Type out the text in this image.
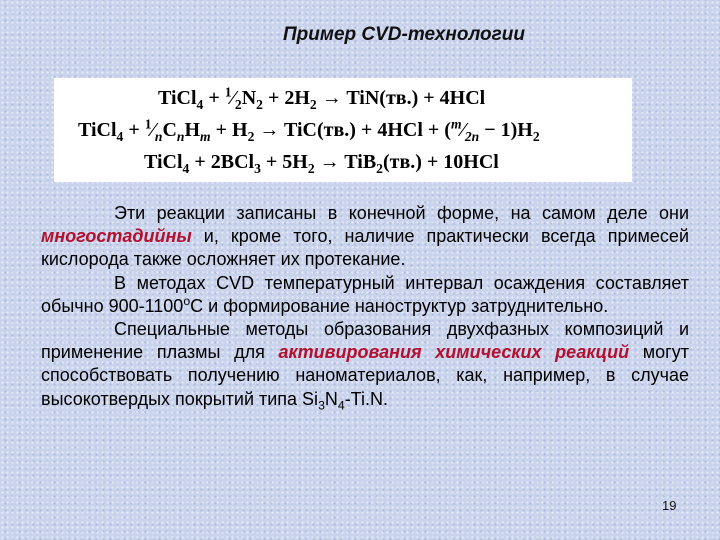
Пример CVD-технологии
TiCl$_4$ + $^1⁄_2N_2 + 2H_2 \to TiN(тв.) + 4HCl$
TiCl$_4$ + $^1⁄_nC_nH_m + H_2 \to TiC(тв.) + 4HCl$ + $(^m⁄_{2n} - 1)H_2$
TiCl$_4$ + $2BCl_3 + 5H_2 \to TiB_2(тв.) + 10HCl$

Эти реакции записаны в конечной форме, на самом деле они многостадийны и, кроме того, наличие практически всегда примесей кислорода также осложняет их протекание.

В методах CVD температурный интервал осаждения составляет обычно $900-1100^оС$ и формирование наноструктур затруднительно.

Специальные методы образования двухфазных композиций и применение плазмы для активирования химических реакций могут способствовать получению наноматериалов, как, например, в случае высокотвердых покрытий типа $Si_3N_4-Ti.N$.

19
